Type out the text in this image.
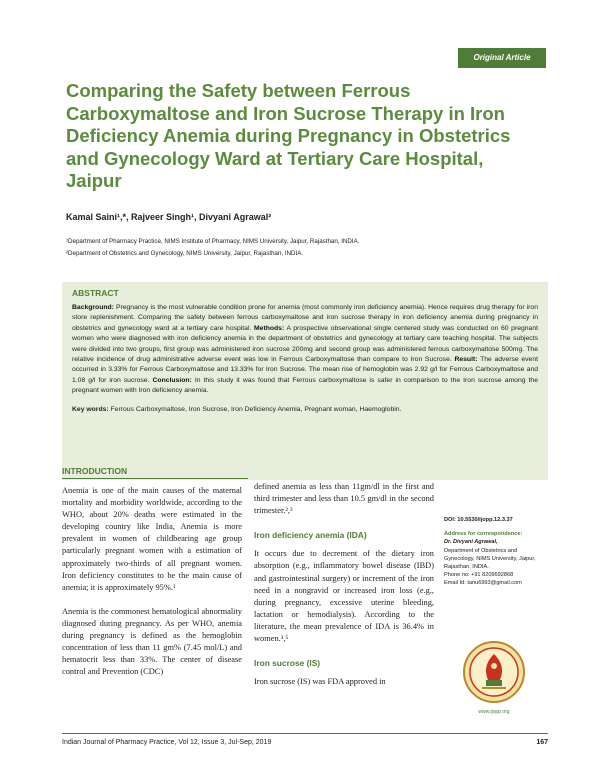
Original Article
Comparing the Safety between Ferrous Carboxymaltose and Iron Sucrose Therapy in Iron Deficiency Anemia during Pregnancy in Obstetrics and Gynecology Ward at Tertiary Care Hospital, Jaipur
Kamal Saini¹,*, Rajveer Singh¹, Divyani Agrawal²
¹Department of Pharmacy Practice, NIMS Institute of Pharmacy, NIMS University, Jaipur, Rajasthan, INDIA.
²Department of Obstetrics and Gynecology, NIMS University, Jaipur, Rajasthan, INDIA.
ABSTRACT
Background: Pregnancy is the most vulnerable condition prone for anemia (most commonly iron deficiency anemia). Hence requires drug therapy for iron store replenishment. Comparing the safety between ferrous carboxymaltose and iron sucrose therapy in iron deficiency anemia during pregnancy in obstetrics and gynecology ward at a tertiary care hospital. Methods: A prospective observational single centered study was conducted on 60 pregnant women who were diagnosed with iron deficiency anemia in the department of obstetrics and gynecology at tertiary care teaching hospital. The subjects were divided into two groups, first group was administered iron sucrose 200mg and second group was administered ferrous carboxymaltose 500mg. The relative incidence of drug administrative adverse event was low in Ferrous Carboxymaltose than compare to Iron Sucrose. Result: The adverse event occurred in 3.33% for Ferrous Carboxymaltose and 13.33% for Iron Sucrose. The mean rise of hemoglobin was 2.92 g/l for Ferrous Carboxymaltose and 1.08 g/l for iron sucrose. Conclusion: In this study it was found that Ferrous carboxymaltose is safer in comparison to the Iron sucrose among the pregnant women with Iron deficiency anemia.
Key words: Ferrous Carboxymaltose, Iron Sucrose, Iron Deficiency Anemia, Pregnant woman, Haemoglobin.
INTRODUCTION

Anemia is one of the main causes of the maternal mortality and morbidity worldwide, according to the WHO, about 20% deaths were estimated in the developing country like India, Anemia is more prevalent in women of childbearing age group particularly pregnant women with a estimation of approximately two-thirds of all pregnant women. Iron deficiency constitutes to be the main cause of anemia; it is approximately 95%.¹

Anemia is the commonest hematological abnormality diagnosed during pregnancy. As per WHO, anemia during pregnancy is defined as the hemoglobin concentration of less than 11 gm% (7.45 mol/L) and hematocrit less than 33%. The center of disease control and Prevention (CDC)

defined anemia as less than 11gm/dl in the first and third trimester and less than 10.5 gm/dl in the second trimester.²,³

Iron deficiency anemia (IDA)

It occurs due to decrement of the dietary iron absorption (e.g., inflammatory bowel disease (IBD) and gastrointestinal surgery) or increment of the iron need in a nongravid or increased iron loss (e.g., during pregnancy, excessive uterine bleeding, lactation or hemodialysis). According to the literature, the mean prevalence of IDA is 36.4% in women.³,⁵

Iron sucrose (IS)

Iron sucrose (IS) was FDA approved in

DOI: 10.5530/ijopp.12.3.37
Address for correspondence:
Dr. Divyani Agrawal,
Department of Obstetrics and Gynecology, NIMS University, Jaipur, Rajasthan, INDIA.
Phone no: +91 8209692868
Email Id: tanu6993@gmail.com
www.ijopp.org
Indian Journal of Pharmacy Practice, Vol 12, Issue 3, Jul-Sep, 2019	167
